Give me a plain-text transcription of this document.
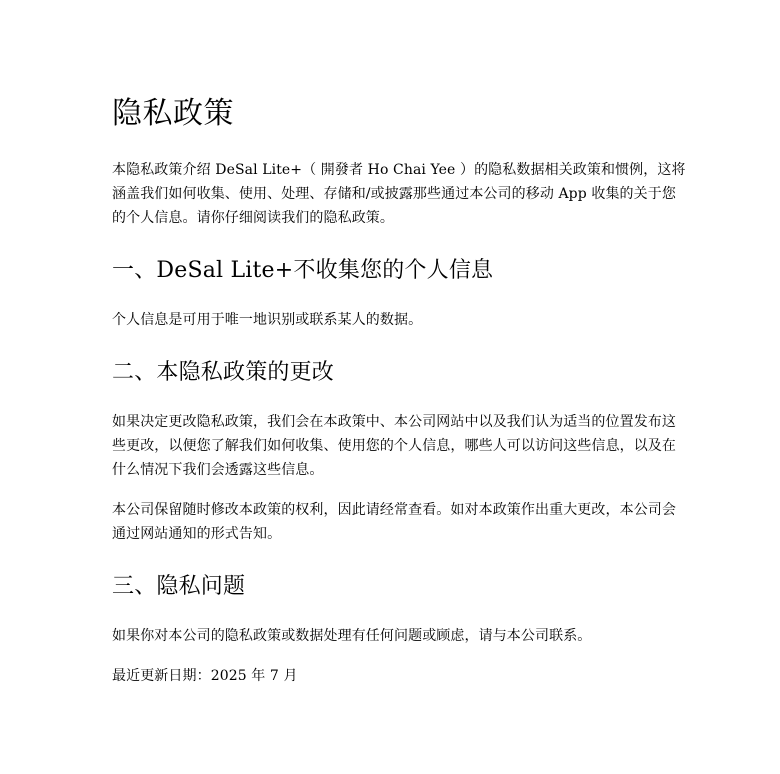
隐私政策

本隐私政策介绍 DeSal Lite+（ 開發者 Ho Chai Yee ）的隐私数据相关政策和惯例，这将涵盖我们如何收集、使用、处理、存储和/或披露那些通过本公司的移动 App 收集的关于您的个人信息。请你仔细阅读我们的隐私政策。

一、DeSal Lite+不收集您的个人信息

个人信息是可用于唯一地识别或联系某人的数据。

二、本隐私政策的更改

如果决定更改隐私政策，我们会在本政策中、本公司网站中以及我们认为适当的位置发布这些更改，以便您了解我们如何收集、使用您的个人信息，哪些人可以访问这些信息，以及在什么情况下我们会透露这些信息。

本公司保留随时修改本政策的权利，因此请经常查看。如对本政策作出重大更改，本公司会通过网站通知的形式告知。

三、隐私问题

如果你对本公司的隐私政策或数据处理有任何问题或顾虑，请与本公司联系。

最近更新日期：2025 年 7 月
